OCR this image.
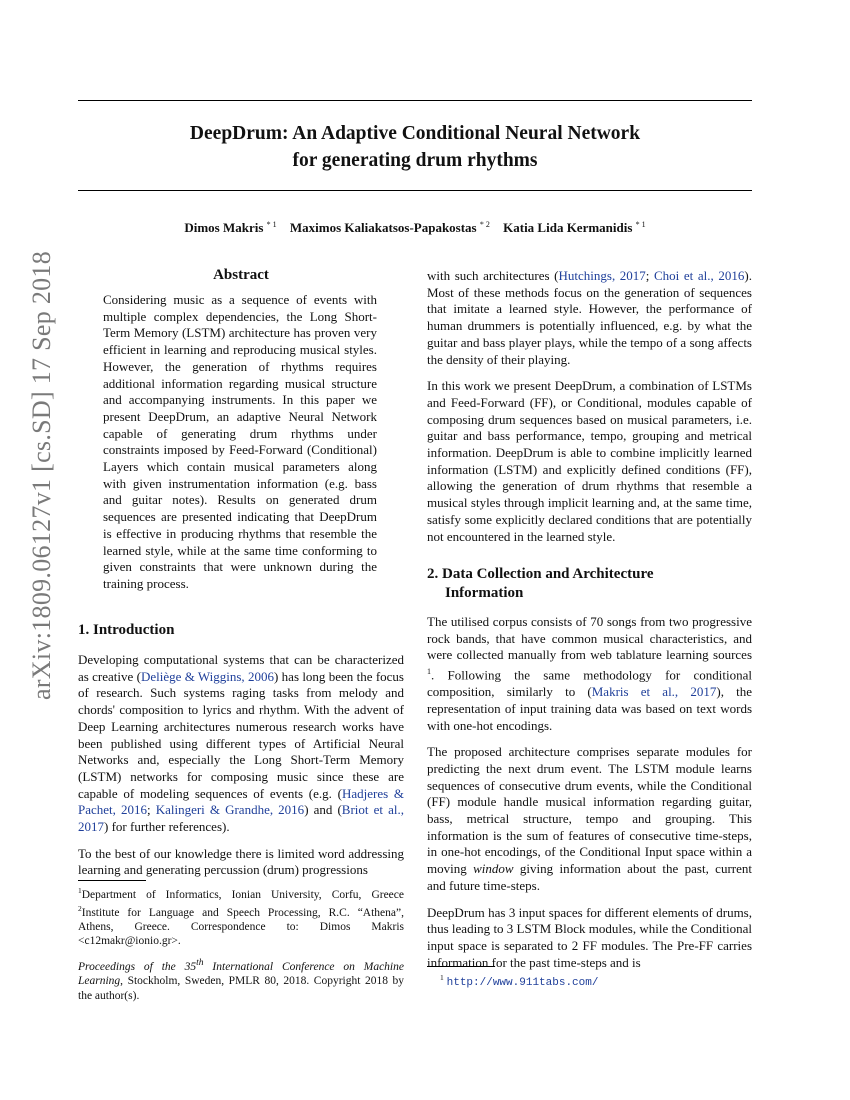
arXiv:1809.06127v1 [cs.SD] 17 Sep 2018
DeepDrum: An Adaptive Conditional Neural Network
for generating drum rhythms
Dimos Makris $^{* 1}$ Maximos Kaliakatsos-Papakostas $^{* 2}$ Katia Lida Kermanidis $^{* 1}$
Abstract
Considering music as a sequence of events with multiple complex dependencies, the Long Short-Term Memory (LSTM) architecture has proven very efficient in learning and reproducing musical styles. However, the generation of rhythms requires additional information regarding musical structure and accompanying instruments. In this paper we present DeepDrum, an adaptive Neural Network capable of generating drum rhythms under constraints imposed by Feed-Forward (Conditional) Layers which contain musical parameters along with given instrumentation information (e.g. bass and guitar notes). Results on generated drum sequences are presented indicating that DeepDrum is effective in producing rhythms that resemble the learned style, while at the same time conforming to given constraints that were unknown during the training process.
1. Introduction

Developing computational systems that can be characterized as creative (Deliège & Wiggins, 2006) has long been the focus of research. Such systems raging tasks from melody and chords' composition to lyrics and rhythm. With the advent of Deep Learning architectures numerous research works have been published using different types of Artificial Neural Networks and, especially the Long Short-Term Memory (LSTM) networks for composing music since these are capable of modeling sequences of events (e.g. (Hadjeres & Pachet, 2016; Kalingeri & Grandhe, 2016) and (Briot et al., 2017) for further references).

To the best of our knowledge there is limited word addressing learning and generating percussion (drum) progressions

$^1$Department of Informatics, Ionian University, Corfu, Greece $^2$Institute for Language and Speech Processing, R.C. “Athena”, Athens, Greece. Correspondence to: Dimos Makris <c12makr@ionio.gr>.
Proceedings of the 35th International Conference on Machine Learning, Stockholm, Sweden, PMLR 80, 2018. Copyright 2018 by the author(s).

with such architectures (Hutchings, 2017; Choi et al., 2016). Most of these methods focus on the generation of sequences that imitate a learned style. However, the performance of human drummers is potentially influenced, e.g. by what the guitar and bass player plays, while the tempo of a song affects the density of their playing.

In this work we present DeepDrum, a combination of LSTMs and Feed-Forward (FF), or Conditional, modules capable of composing drum sequences based on musical parameters, i.e. guitar and bass performance, tempo, grouping and metrical information. DeepDrum is able to combine implicitly learned information (LSTM) and explicitly defined conditions (FF), allowing the generation of drum rhythms that resemble a musical styles through implicit learning and, at the same time, satisfy some explicitly declared conditions that are potentially not encountered in the learned style.

2. Data Collection and Architecture
Information

The utilised corpus consists of 70 songs from two progressive rock bands, that have common musical characteristics, and were collected manually from web tablature learning sources $^1$. Following the same methodology for conditional composition, similarly to (Makris et al., 2017), the representation of input training data was based on text words with one-hot encodings.

The proposed architecture comprises separate modules for predicting the next drum event. The LSTM module learns sequences of consecutive drum events, while the Conditional (FF) module handle musical information regarding guitar, bass, metrical structure, tempo and grouping. This information is the sum of features of consecutive time-steps, in one-hot encodings, of the Conditional Input space within a moving window giving information about the past, current and future time-steps.

DeepDrum has 3 input spaces for different elements of drums, thus leading to 3 LSTM Block modules, while the Conditional input space is separated to 2 FF modules. The Pre-FF carries information for the past time-steps and is

$^1$ http://www.911tabs.com/
